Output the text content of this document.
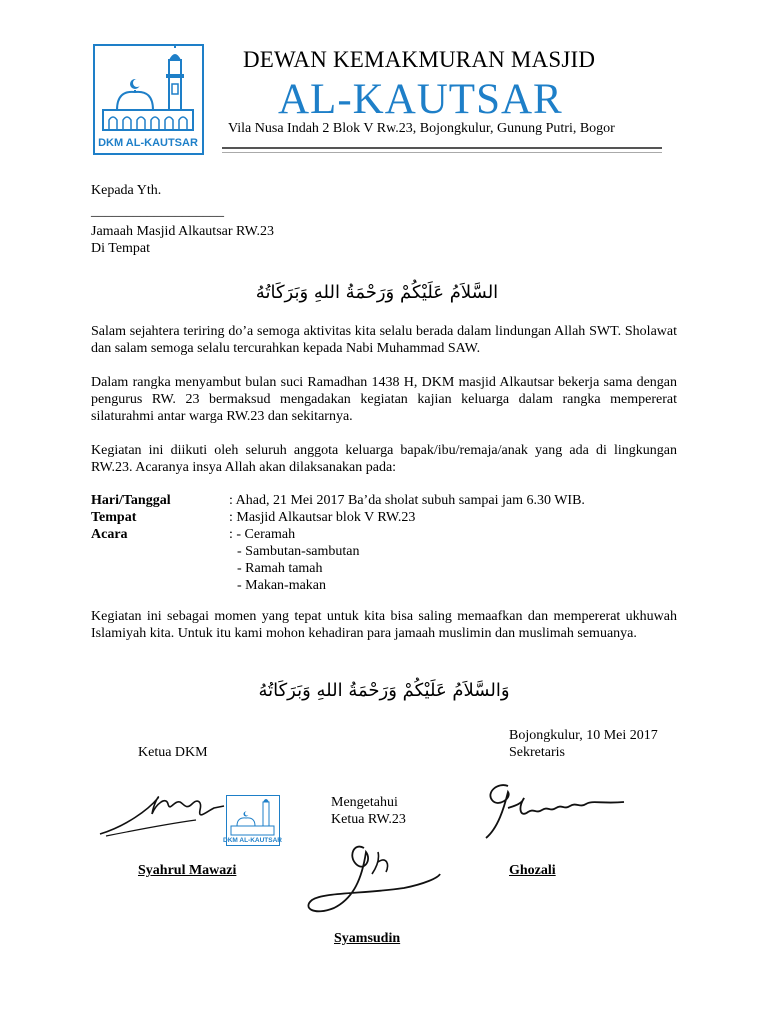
DKM AL-KAUTSAR
DEWAN KEMAKMURAN MASJID
AL-KAUTSAR
Vila Nusa Indah 2 Blok V Rw.23, Bojongkulur, Gunung Putri, Bogor
Kepada Yth.
___________________
Jamaah Masjid Alkautsar RW.23
Di Tempat
السَّلاَمُ عَلَيْكُمْ وَرَحْمَةُ اللهِ وَبَرَكَاتُهُ
Salam sejahtera teriring do’a semoga aktivitas kita selalu berada dalam lindungan Allah SWT. Sholawat dan salam semoga selalu tercurahkan kepada Nabi Muhammad SAW.
Dalam rangka menyambut bulan suci Ramadhan 1438 H, DKM masjid Alkautsar bekerja sama dengan pengurus RW. 23 bermaksud mengadakan kegiatan kajian keluarga dalam rangka mempererat silaturahmi antar warga RW.23 dan sekitarnya.
Kegiatan ini diikuti oleh seluruh anggota keluarga bapak/ibu/remaja/anak yang ada di lingkungan RW.23. Acaranya insya Allah akan dilaksanakan pada:
Hari/Tanggal	: Ahad, 21 Mei 2017 Ba’da sholat subuh sampai jam 6.30 WIB.
Tempat	: Masjid Alkautsar blok V RW.23
Acara	: - Ceramah
- Sambutan-sambutan
- Ramah tamah
- Makan-makan
Kegiatan ini sebagai momen yang tepat untuk kita bisa saling memaafkan dan mempererat ukhuwah Islamiyah kita. Untuk itu kami mohon kehadiran para jamaah muslimin dan muslimah semuanya.
وَالسَّلاَمُ عَلَيْكُمْ وَرَحْمَةُ اللهِ وَبَرَكَاتُهُ
Bojongkulur, 10 Mei 2017
Ketua DKM	Sekretaris
DKM AL-KAUTSAR
Mengetahui
Ketua RW.23
Syahrul Mawazi	Ghozali
Syamsudin
